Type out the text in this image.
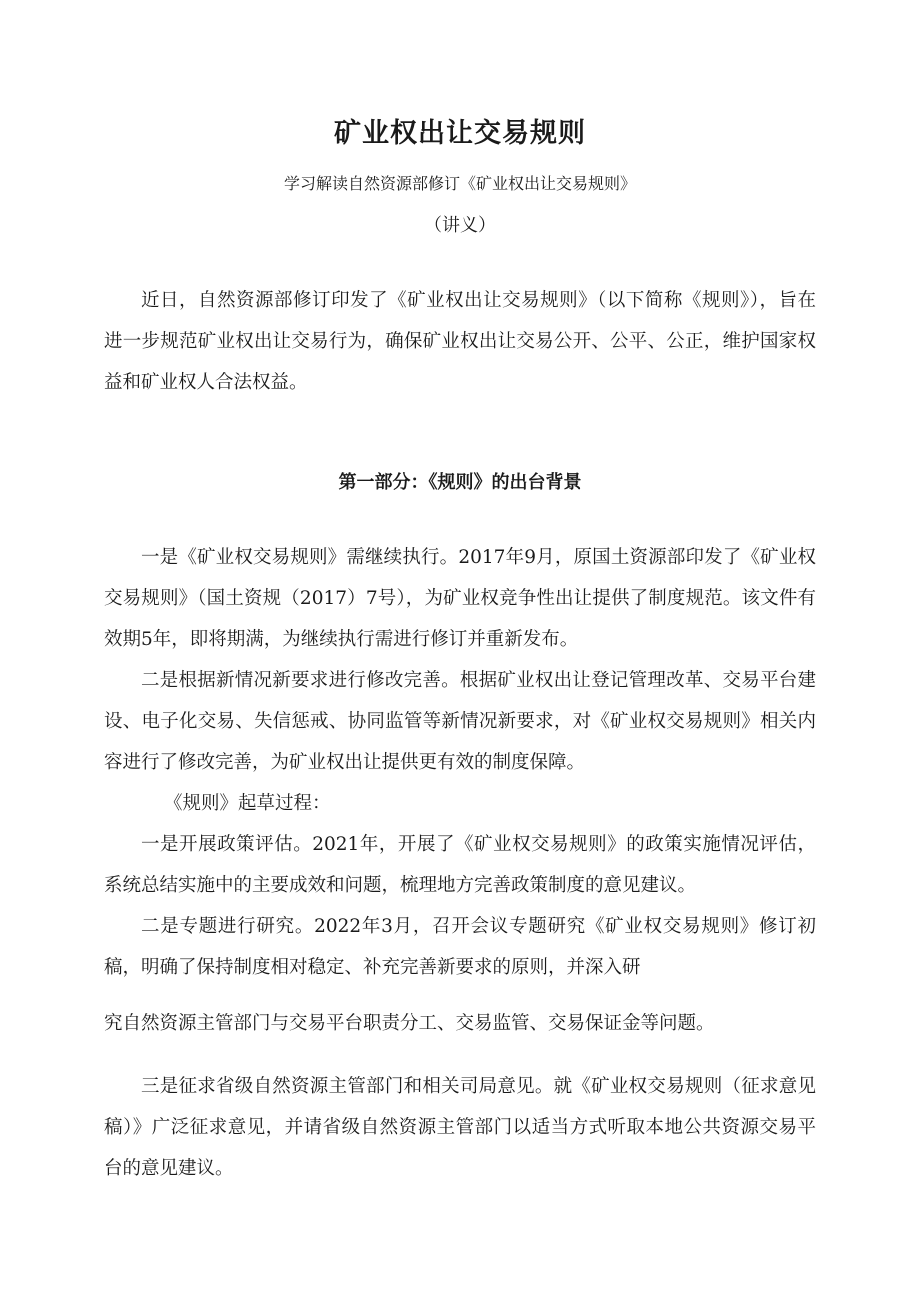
矿业权出让交易规则
学习解读自然资源部修订《矿业权出让交易规则》
（讲义）

近日，自然资源部修订印发了《矿业权出让交易规则》（以下简称《规则》），旨在进一步规范矿业权出让交易行为，确保矿业权出让交易公开、公平、公正，维护国家权益和矿业权人合法权益。

第一部分：《规则》的出台背景

一是《矿业权交易规则》需继续执行。2017年9月，原国土资源部印发了《矿业权交易规则》（国土资规（2017）7号），为矿业权竞争性出让提供了制度规范。该文件有效期5年，即将期满，为继续执行需进行修订并重新发布。

二是根据新情况新要求进行修改完善。根据矿业权出让登记管理改革、交易平台建设、电子化交易、失信惩戒、协同监管等新情况新要求，对《矿业权交易规则》相关内容进行了修改完善，为矿业权出让提供更有效的制度保障。

《规则》起草过程：

一是开展政策评估。2021年，开展了《矿业权交易规则》的政策实施情况评估，系统总结实施中的主要成效和问题，梳理地方完善政策制度的意见建议。

二是专题进行研究。2022年3月，召开会议专题研究《矿业权交易规则》修订初稿，明确了保持制度相对稳定、补充完善新要求的原则，并深入研

究自然资源主管部门与交易平台职责分工、交易监管、交易保证金等问题。

三是征求省级自然资源主管部门和相关司局意见。就《矿业权交易规则（征求意见稿）》广泛征求意见，并请省级自然资源主管部门以适当方式听取本地公共资源交易平台的意见建议。
